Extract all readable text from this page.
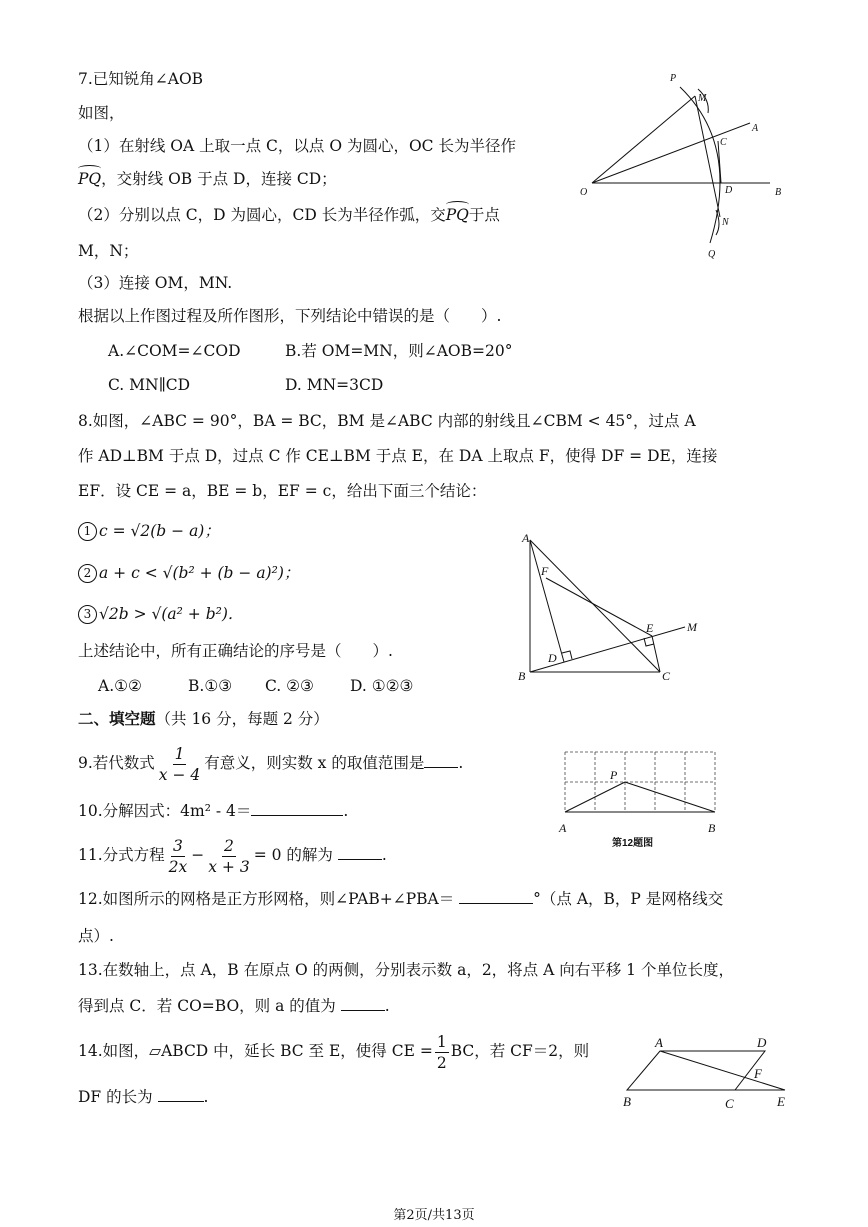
7.已知锐角∠AOB
如图，
（1）在射线 OA 上取一点 C，以点 O 为圆心，OC 长为半径作
PQ，交射线 OB 于点 D，连接 CD；
（2）分别以点 C，D 为圆心，CD 长为半径作弧，交PQ于点
M，N；
（3）连接 OM，MN.
根据以上作图过程及所作图形，下列结论中错误的是（　　）.
A.∠COM=∠COD	B.若 OM=MN，则∠AOB=20°
C. MN∥CD	D. MN=3CD
P
M
A
C
O	D	B
N
Q
8.如图，∠ABC = 90°，BA = BC，BM 是∠ABC 内部的射线且∠CBM < 45°，过点 A
作 AD⊥BM 于点 D，过点 C 作 CE⊥BM 于点 E，在 DA 上取点 F，使得 DF = DE，连接
EF．设 CE = a，BE = b，EF = c，给出下面三个结论：
1 c = √2(b − a)；
2 a + c < √(b² + (b − a)²)；
3 √2b > √(a² + b²)．
上述结论中，所有正确结论的序号是（　　）.
A.①②	B.①③ C. ②③ D. ①②③
A
F
E	M
D
B	C
二、填空题（共 16 分，每题 2 分）
9.若代数式 $\frac{1}{x - 4}$ 有意义，则实数 x 的取值范围是 .
10.分解因式：4m² - 4＝	.
11.分式方程 $\frac{3}{2x} - \frac{2}{x + 3} = 0$ 的解为	.
P
A	B
第12题图
12.如图所示的网格是正方形网格，则∠PAB+∠PBA＝	°（点 A，B，P 是网格线交
点）.
13.在数轴上，点 A，B 在原点 O 的两侧，分别表示数 a，2，将点 A 向右平移 1 个单位长度，
得到点 C．若 CO=BO，则 a 的值为	.
14.如图，▱ABCD 中，延长 BC 至 E，使得 CE = $\frac{1}{2}$ BC，若 CF＝2，则
DF 的长为	.
A	D
F
B	C	E
第2页/共13页
